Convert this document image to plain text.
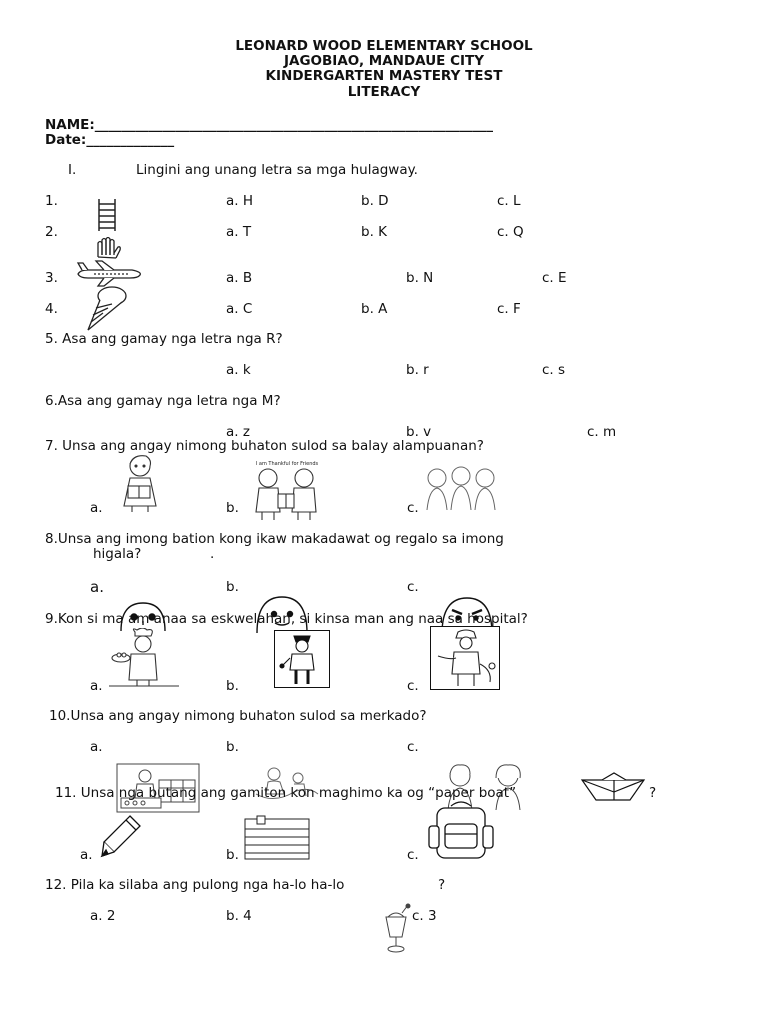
LEONARD WOOD ELEMENTARY SCHOOL
JAGOBIAO, MANDAUE CITY
KINDERGARTEN MASTERY TEST
LITERACY
NAME:___________________________________________________________
Date:_____________
I.	Lingini ang unang letra sa mga hulagway.
1.	a. H	b. D	c. L
2.	a. T	b. K	c. Q
3.	a. B	b. N	c. E
4.	a. C	b. A	c. F
5. Asa ang gamay nga letra nga R?
a. k	b. r	c. s
6.Asa ang gamay nga letra nga M?
a. z	b. v	c. m
7. Unsa ang angay nimong buhaton sulod sa balay alampuanan?
I am Thankful for Friends
a.	b.	c.
8.Unsa ang imong bation kong ikaw makadawat og regalo sa imong
higala?	.
a.	b.	c.
9.Kon si ma am anaa sa eskwelahan, si kinsa man ang naa sa hospital?
a.	b.	c.
10.Unsa ang angay nimong buhaton sulod sa merkado?
a.	b.	c.
11. Unsa nga butang ang gamiton kon maghimo ka og “paper boat”	?
a.	b.	c.
12. Pila ka silaba ang pulong nga ha-lo ha-lo	?
a. 2	b. 4	c. 3
